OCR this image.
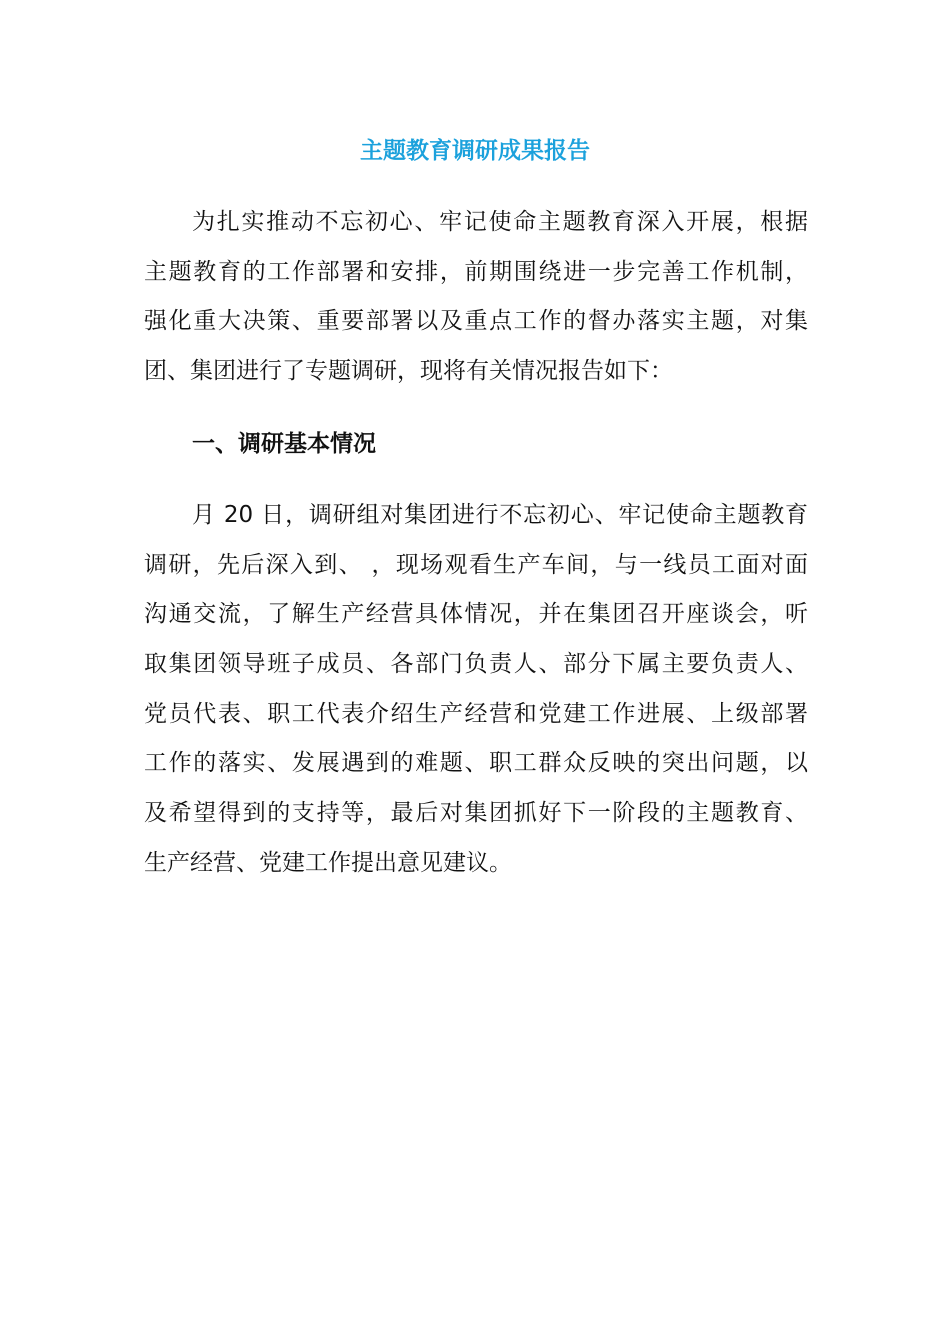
主题教育调研成果报告
为扎实推动不忘初心、牢记使命主题教育深入开展，根据
主题教育的工作部署和安排，前期围绕进一步完善工作机制，
强化重大决策、重要部署以及重点工作的督办落实主题，对集
团、集团进行了专题调研，现将有关情况报告如下：
一、调研基本情况
月 20 日，调研组对集团进行不忘初心、牢记使命主题教育
调研，先后深入到、 ，现场观看生产车间，与一线员工面对面
沟通交流，了解生产经营具体情况，并在集团召开座谈会，听
取集团领导班子成员、各部门负责人、部分下属主要负责人、
党员代表、职工代表介绍生产经营和党建工作进展、上级部署
工作的落实、发展遇到的难题、职工群众反映的突出问题，以
及希望得到的支持等，最后对集团抓好下一阶段的主题教育、
生产经营、党建工作提出意见建议。
